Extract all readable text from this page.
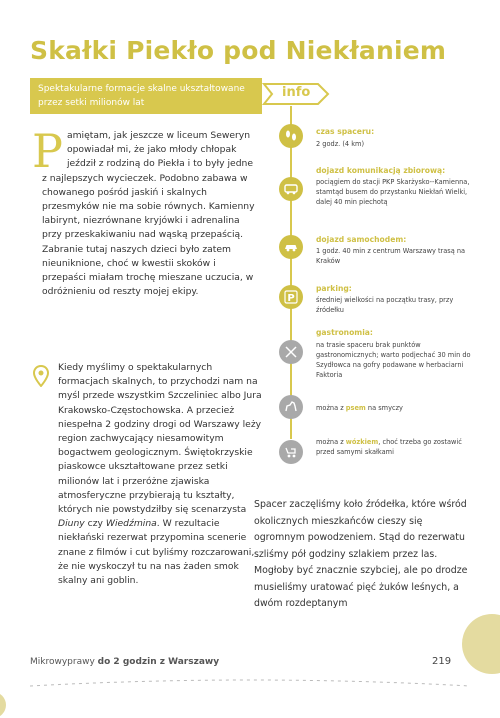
Skałki Piekło pod Niekłaniem
Spektakularne formacje skalne ukształtowane przez setki milionów lat

Pamiętam, jak jeszcze w liceum Seweryn opowiadał mi, że jako młody chłopak jeździł z rodziną do Piekła i to były jedne z najlepszych wycieczek. Podobno zabawa w chowanego pośród jaskiń i skalnych przesmyków nie ma sobie równych. Kamienny labirynt, niezrównane kryjówki i adrenalina przy przeskakiwaniu nad wąską przepaścią. Zabranie tutaj naszych dzieci było zatem nieuniknione, choć w kwestii skoków i przepaści miałam trochę mieszane uczucia, w odróżnieniu od reszty mojej ekipy.

Kiedy myślimy o spektakularnych formacjach skalnych, to przychodzi nam na myśl przede wszystkim Szczeliniec albo Jura Krakowsko-Częstochowska. A przecież niespełna 2 godziny drogi od Warszawy leży region zachwycający niesamowitym bogactwem geologicznym. Świętokrzyskie piaskowce ukształtowane przez setki milionów lat i przeróżne zjawiska atmosferyczne przybierają tu kształty, których nie powstydziłby się scenarzysta Diuny czy Wiedźmina. W rezultacie niekłański rezerwat przypomina scenerie znane z filmów i cut byliśmy rozczarowani, że nie wyskoczył tu na nas żaden smok skalny ani goblin.

info
czas spaceru:
2 godz. (4 km)
dojazd komunikacją zbiorową:
pociągiem do stacji PKP Skarżysko--Kamienna, stamtąd busem do przystanku Niekłań Wielki, dalej 40 min piechotą
dojazd samochodem:
1 godz. 40 min z centrum Warszawy trasą na Kraków
P
parking:
średniej wielkości na początku trasy, przy źródełku
gastronomia:
na trasie spaceru brak punktów gastronomicznych; warto podjechać 30 min do Szydłowca na gofry podawane w herbaciarni Faktoria
można z psem na smyczy
można z wózkiem, choć trzeba go zostawić przed samymi skałkami

Spacer zaczęliśmy koło źródełka, które wśród okolicznych mieszkańców cieszy się ogromnym powodzeniem. Stąd do rezerwatu szliśmy pół godziny szlakiem przez las. Mogłoby być znacznie szybciej, ale po drodze musieliśmy uratować pięć żuków leśnych, a dwóm rozdeptanym

Mikrowyprawy do 2 godzin z Warszawy	219
